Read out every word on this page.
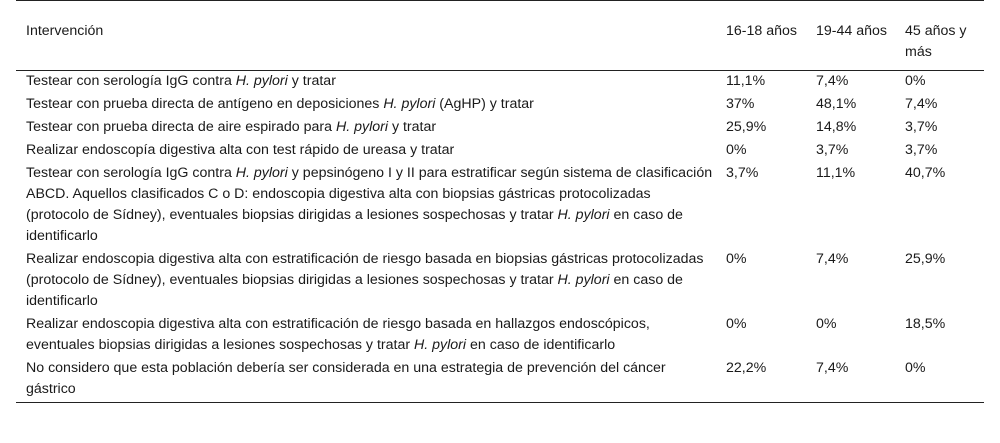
Intervención	16-18 años	19-44 años	45 años y más
Testear con serología IgG contra H. pylori y tratar	11,1%	7,4%	0%
Testear con prueba directa de antígeno en deposiciones H. pylori (AgHP) y tratar	37%	48,1%	7,4%
Testear con prueba directa de aire espirado para H. pylori y tratar	25,9%	14,8%	3,7%
Realizar endoscopía digestiva alta con test rápido de ureasa y tratar	0%	3,7%	3,7%
Testear con serología IgG contra H. pylori y pepsinógeno I y II para estratificar según sistema de clasificación ABCD. Aquellos clasificados C o D: endoscopia digestiva alta con biopsias gástricas protocolizadas (protocolo de Sídney), eventuales biopsias dirigidas a lesiones sospechosas y tratar H. pylori en caso de identificarlo	3,7%	11,1%	40,7%
Realizar endoscopia digestiva alta con estratificación de riesgo basada en biopsias gástricas protocolizadas (protocolo de Sídney), eventuales biopsias dirigidas a lesiones sospechosas y tratar H. pylori en caso de identificarlo	0%	7,4%	25,9%
Realizar endoscopia digestiva alta con estratificación de riesgo basada en hallazgos endoscópicos, eventuales biopsias dirigidas a lesiones sospechosas y tratar H. pylori en caso de identificarlo	0%	0%	18,5%
No considero que esta población debería ser considerada en una estrategia de prevención del cáncer gástrico	22,2%	7,4%	0%
